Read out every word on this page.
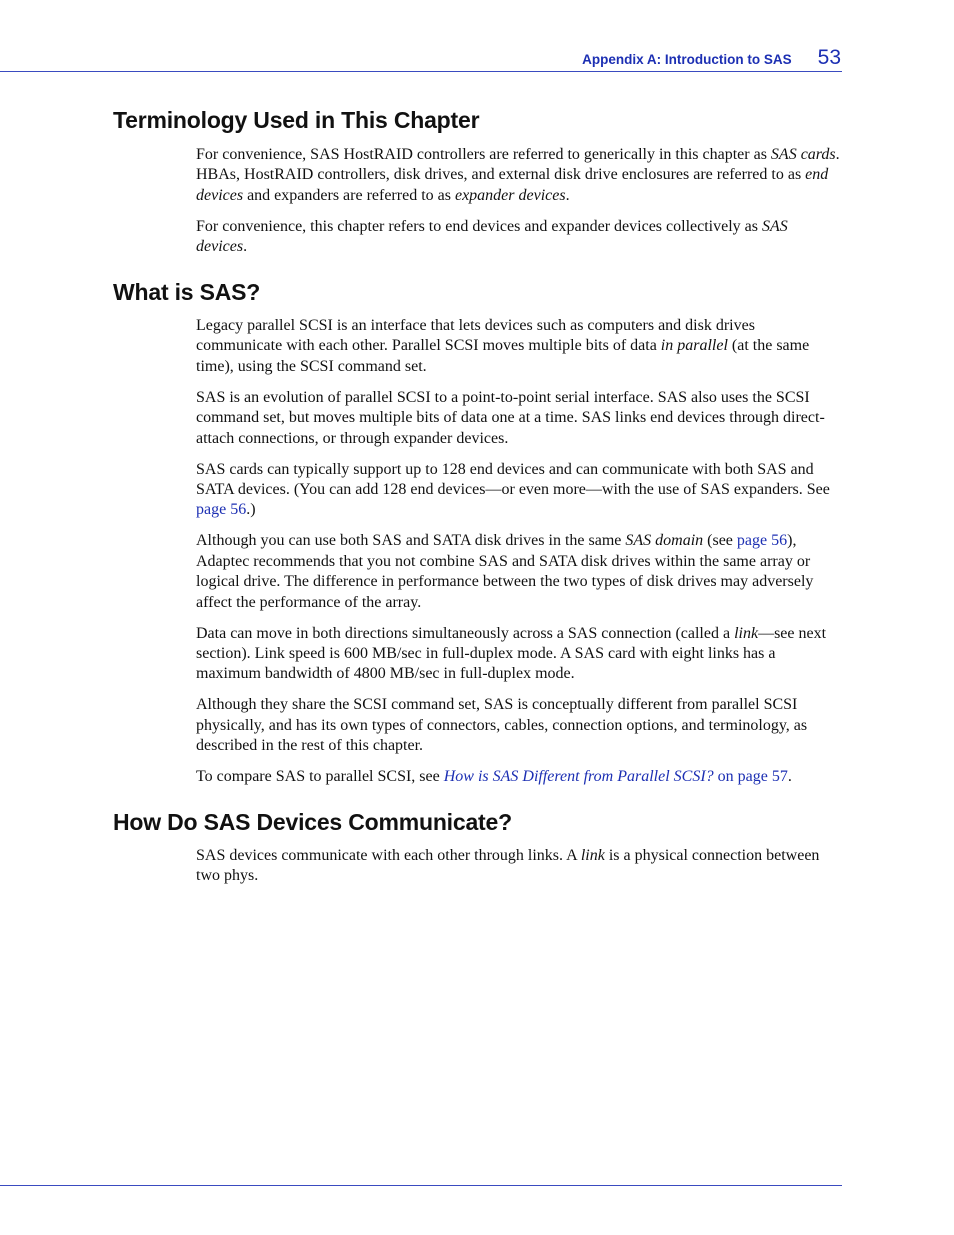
Appendix A: Introduction to SAS 53
Terminology Used in This Chapter

For convenience, SAS HostRAID controllers are referred to generically in this chapter as SAS cards. HBAs, HostRAID controllers, disk drives, and external disk drive enclosures are referred to as end devices and expanders are referred to as expander devices.

For convenience, this chapter refers to end devices and expander devices collectively as SAS devices.

What is SAS?

Legacy parallel SCSI is an interface that lets devices such as computers and disk drives communicate with each other. Parallel SCSI moves multiple bits of data in parallel (at the same time), using the SCSI command set.

SAS is an evolution of parallel SCSI to a point-to-point serial interface. SAS also uses the SCSI command set, but moves multiple bits of data one at a time. SAS links end devices through direct-attach connections, or through expander devices.

SAS cards can typically support up to 128 end devices and can communicate with both SAS and SATA devices. (You can add 128 end devices—or even more—with the use of SAS expanders. See page 56.)

Although you can use both SAS and SATA disk drives in the same SAS domain (see page 56), Adaptec recommends that you not combine SAS and SATA disk drives within the same array or logical drive. The difference in performance between the two types of disk drives may adversely affect the performance of the array.

Data can move in both directions simultaneously across a SAS connection (called a link—see next section). Link speed is 600 MB/sec in full-duplex mode. A SAS card with eight links has a maximum bandwidth of 4800 MB/sec in full-duplex mode.

Although they share the SCSI command set, SAS is conceptually different from parallel SCSI physically, and has its own types of connectors, cables, connection options, and terminology, as described in the rest of this chapter.

To compare SAS to parallel SCSI, see How is SAS Different from Parallel SCSI? on page 57.

How Do SAS Devices Communicate?

SAS devices communicate with each other through links. A link is a physical connection between two phys.
